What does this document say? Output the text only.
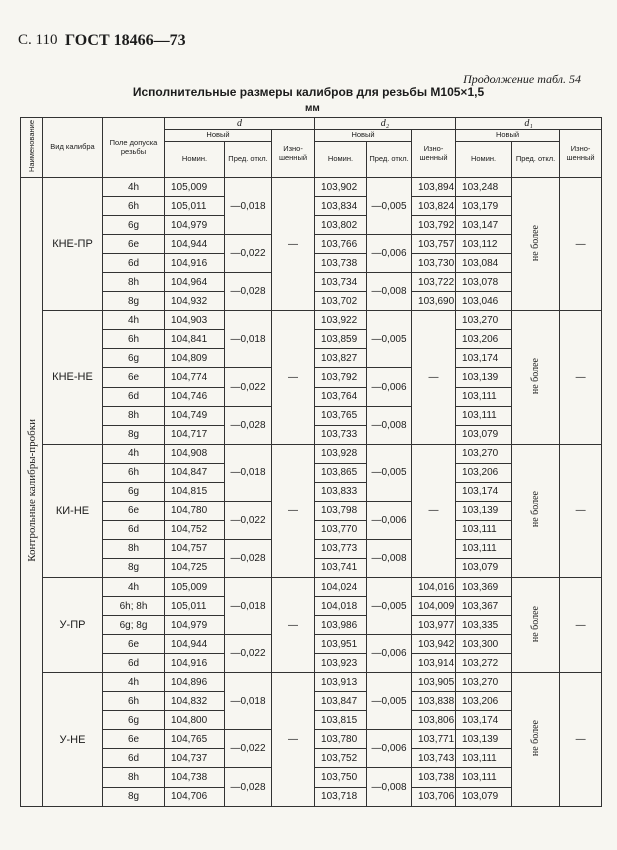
С. 110 ГОСТ 18466—73
Продолжение табл. 54
Исполнительные размеры калибров для резьбы М105×1,5
мм
Наименование	Вид калибра	Поле допуска резьбы	d			d₂			d₁		
			Новый		Изно-шенный	Новый		Изно-шенный	Новый		Изно-шенный
			Номин.	Пред. откл.		Номин.	Пред. откл.		Номин.	Пред. откл.	
Контрольные калибры-пробки	КНЕ-ПР	4h	105,009	—0,018	—	103,902	—0,005	103,894	103,248	не более	—
		6h	105,011			103,834		103,824	103,179		
		6g	104,979			103,802		103,792	103,147		
		6e	104,944	—0,022		103,766	—0,006	103,757	103,112		
		6d	104,916			103,738		103,730	103,084		
		8h	104,964	—0,028		103,734	—0,008	103,722	103,078		
		8g	104,932			103,702		103,690	103,046		
	КНЕ-НЕ	4h	104,903	—0,018	—	103,922	—0,005	—	103,270	не более	—
		6h	104,841			103,859			103,206		
		6g	104,809			103,827			103,174		
		6e	104,774	—0,022		103,792	—0,006		103,139		
		6d	104,746			103,764			103,111		
		8h	104,749	—0,028		103,765	—0,008		103,111		
		8g	104,717			103,733			103,079		
	КИ-НЕ	4h	104,908	—0,018	—	103,928	—0,005	—	103,270	не более	—
		6h	104,847			103,865			103,206		
		6g	104,815			103,833			103,174		
		6e	104,780	—0,022		103,798	—0,006		103,139		
		6d	104,752			103,770			103,111		
		8h	104,757	—0,028		103,773	—0,008		103,111		
		8g	104,725			103,741			103,079		
	У-ПР	4h	105,009	—0,018	—	104,024	—0,005	104,016	103,369	не более	—
		6h; 8h	105,011			104,018		104,009	103,367		
		6g; 8g	104,979			103,986		103,977	103,335		
		6e	104,944	—0,022		103,951	—0,006	103,942	103,300		
		6d	104,916			103,923		103,914	103,272		
	У-НЕ	4h	104,896	—0,018	—	103,913	—0,005	103,905	103,270	не более	—
		6h	104,832			103,847		103,838	103,206		
		6g	104,800			103,815		103,806	103,174		
		6e	104,765	—0,022		103,780	—0,006	103,771	103,139		
		6d	104,737			103,752		103,743	103,111		
		8h	104,738	—0,028		103,750	—0,008	103,738	103,111		
		8g	104,706			103,718		103,706	103,079		
